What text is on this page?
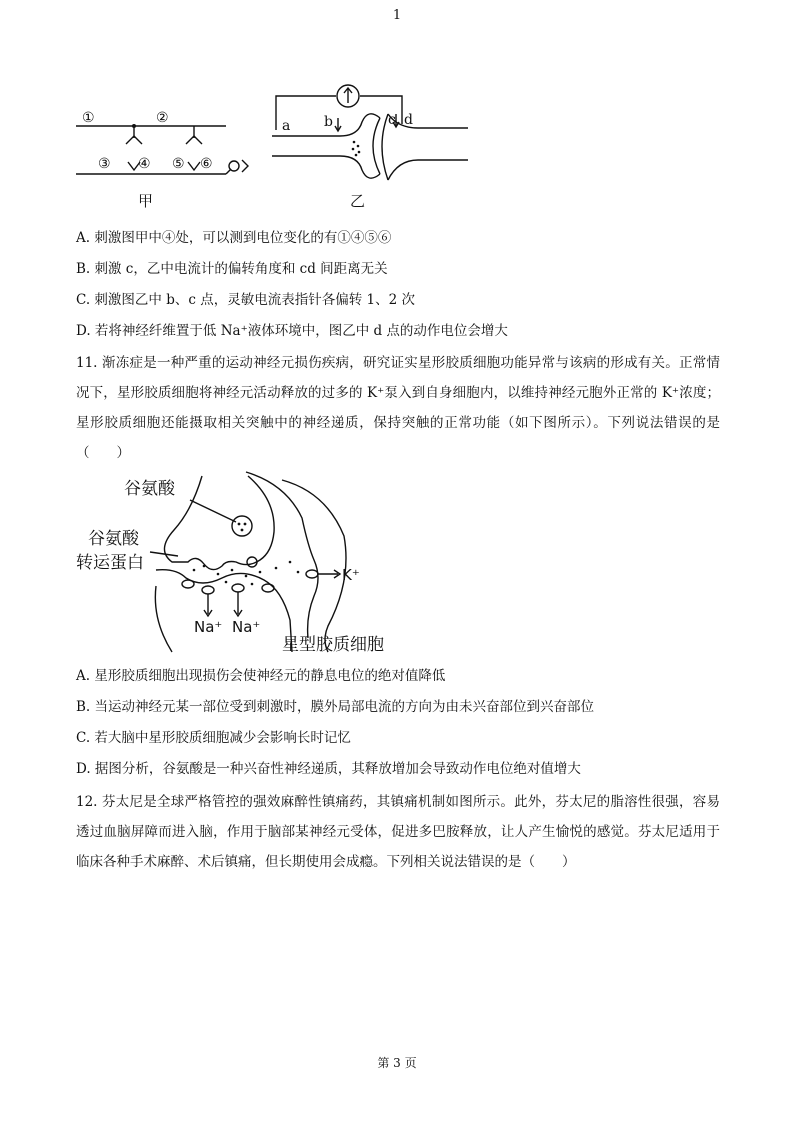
1
①	②
③ ④ ⑤ ⑥
甲
a b	c d
乙
A. 刺激图甲中④处，可以测到电位变化的有①④⑤⑥
B. 刺激 c，乙中电流计的偏转角度和 cd 间距离无关
C. 刺激图乙中 b、c 点，灵敏电流表指针各偏转 1、2 次
D. 若将神经纤维置于低 Na⁺液体环境中，图乙中 d 点的动作电位会增大
11. 渐冻症是一种严重的运动神经元损伤疾病，研究证实星形胶质细胞功能异常与该病的形成有关。正常情况下，星形胶质细胞将神经元活动释放的过多的 K⁺泵入到自身细胞内，以维持神经元胞外正常的 K⁺浓度；星形胶质细胞还能摄取相关突触中的神经递质，保持突触的正常功能（如下图所示）。下列说法错误的是（　　）
谷氨酸
谷氨酸
转运蛋白
K⁺
Na⁺ Na⁺
星型胶质细胞
A. 星形胶质细胞出现损伤会使神经元的静息电位的绝对值降低
B. 当运动神经元某一部位受到刺激时，膜外局部电流的方向为由未兴奋部位到兴奋部位
C. 若大脑中星形胶质细胞减少会影响长时记忆
D. 据图分析，谷氨酸是一种兴奋性神经递质，其释放增加会导致动作电位绝对值增大
12. 芬太尼是全球严格管控的强效麻醉性镇痛药，其镇痛机制如图所示。此外，芬太尼的脂溶性很强，容易透过血脑屏障而进入脑，作用于脑部某神经元受体，促进多巴胺释放，让人产生愉悦的感觉。芬太尼适用于临床各种手术麻醉、术后镇痛，但长期使用会成瘾。下列相关说法错误的是（　　）
第 3 页
